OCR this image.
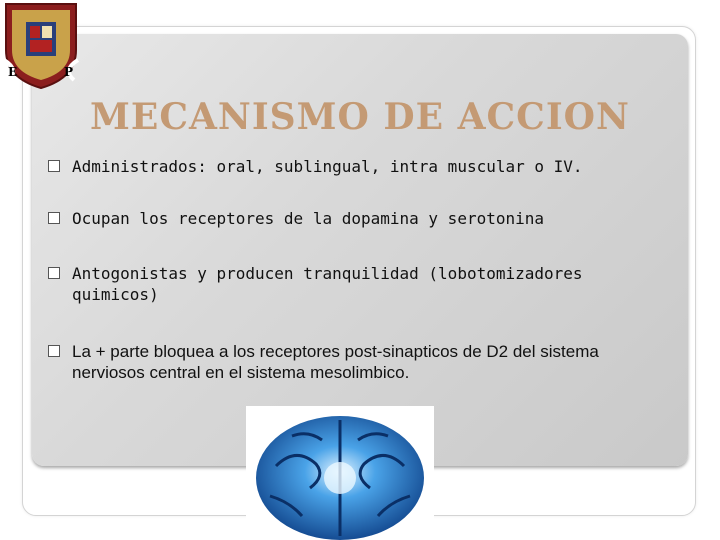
E	P
MECANISMO DE ACCION
Administrados: oral, sublingual, intra muscular o IV.
Ocupan los receptores de la dopamina y serotonina
Antogonistas y producen tranquilidad (lobotomizadores quimicos)
La + parte bloquea a los receptores post-sinapticos de D2 del sistema nerviosos central en el sistema mesolimbico.
